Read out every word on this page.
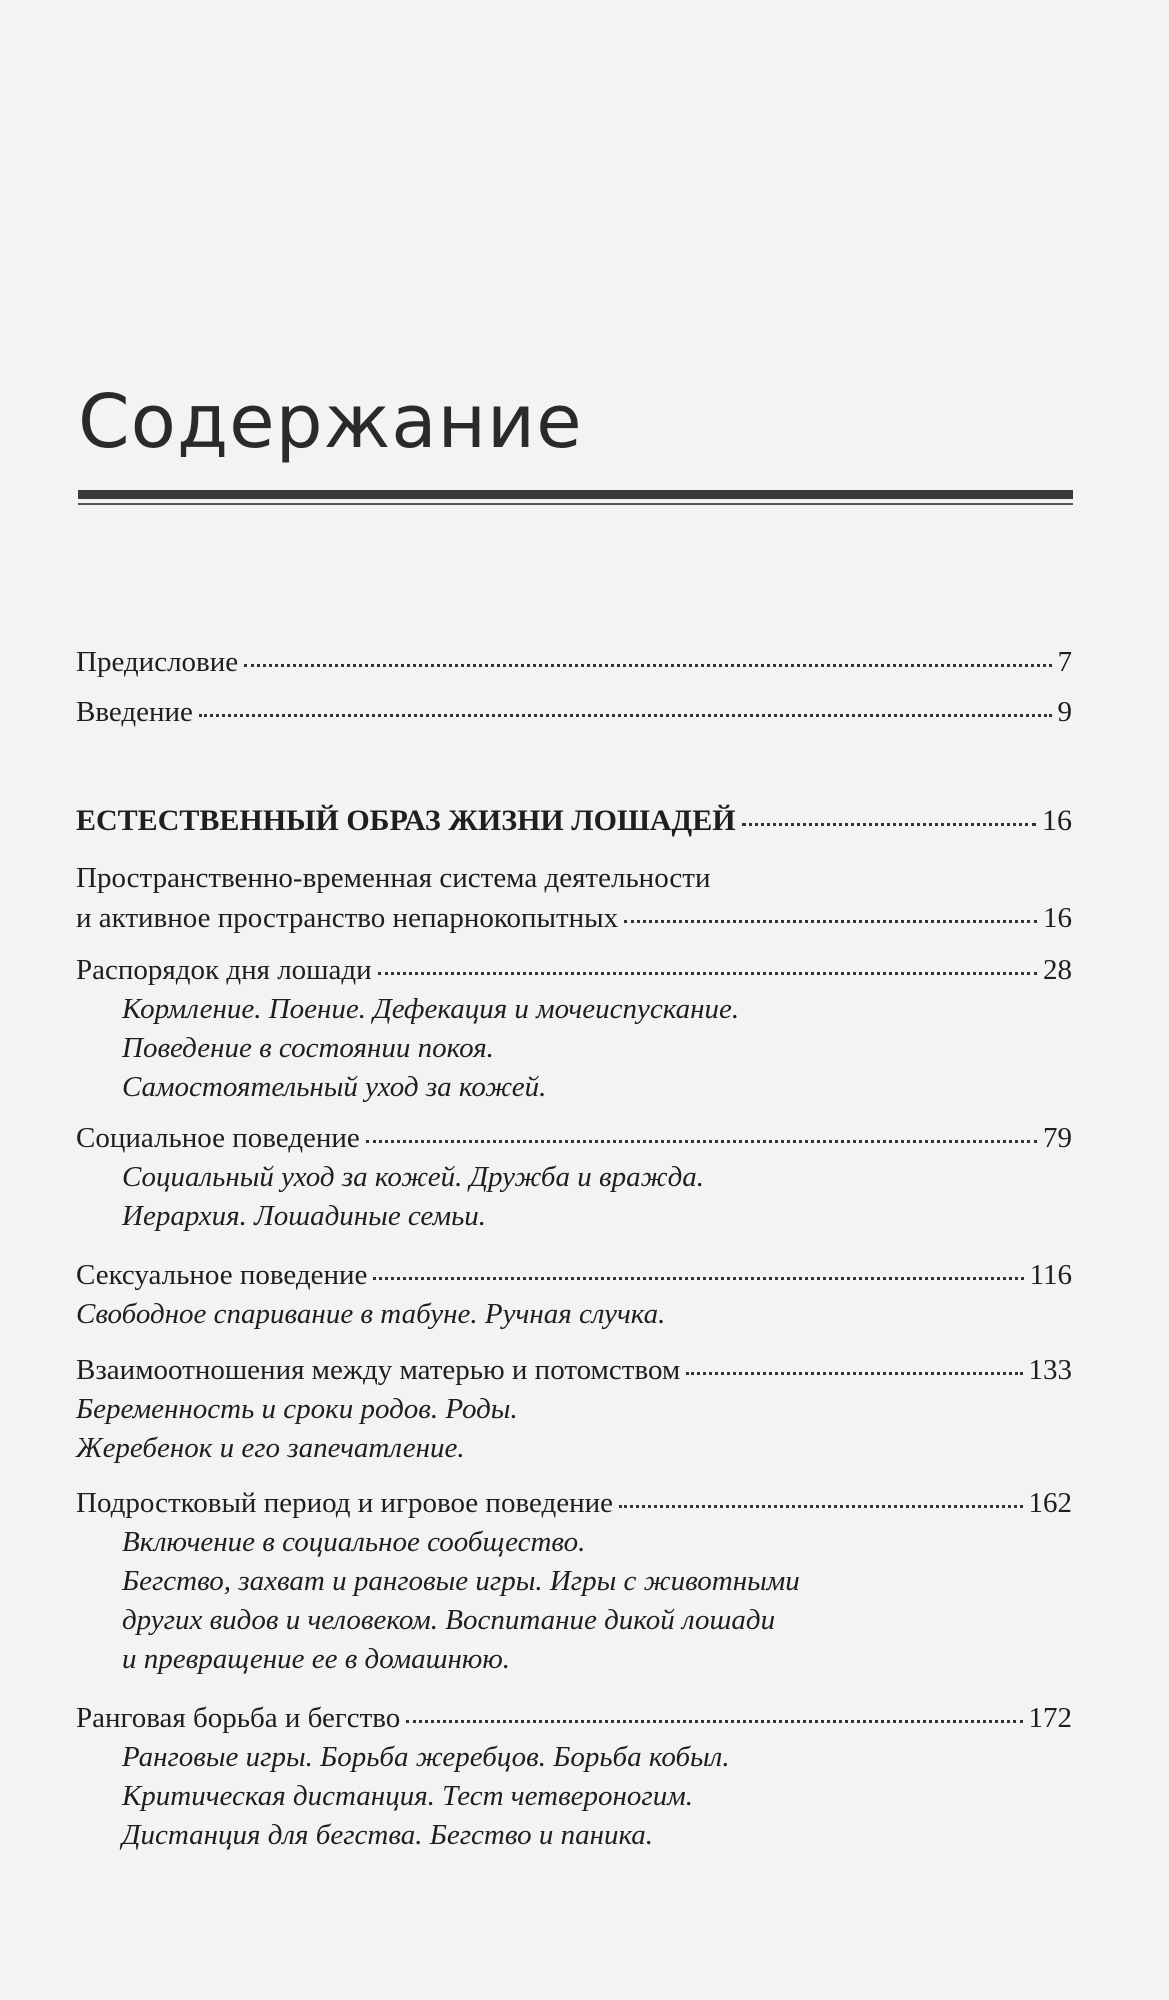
Содержание
Предисловие	7
Введение	9
ЕСТЕСТВЕННЫЙ ОБРАЗ ЖИЗНИ ЛОШАДЕЙ	16
Пространственно-временная система деятельности
и активное пространство непарнокопытных	16
Распорядок дня лошади	28
Кормление. Поение. Дефекация и мочеиспускание.
Поведение в состоянии покоя.
Самостоятельный уход за кожей.
Социальное поведение	79
Социальный уход за кожей. Дружба и вражда.
Иерархия. Лошадиные семьи.
Сексуальное поведение	116
Свободное спаривание в табуне. Ручная случка.
Взаимоотношения между матерью и потомством	133
Беременность и сроки родов. Роды.
Жеребенок и его запечатление.
Подростковый период и игровое поведение	162
Включение в социальное сообщество.
Бегство, захват и ранговые игры. Игры с животными
других видов и человеком. Воспитание дикой лошади
и превращение ее в домашнюю.
Ранговая борьба и бегство	172
Ранговые игры. Борьба жеребцов. Борьба кобыл.
Критическая дистанция. Тест четвероногим.
Дистанция для бегства. Бегство и паника.
